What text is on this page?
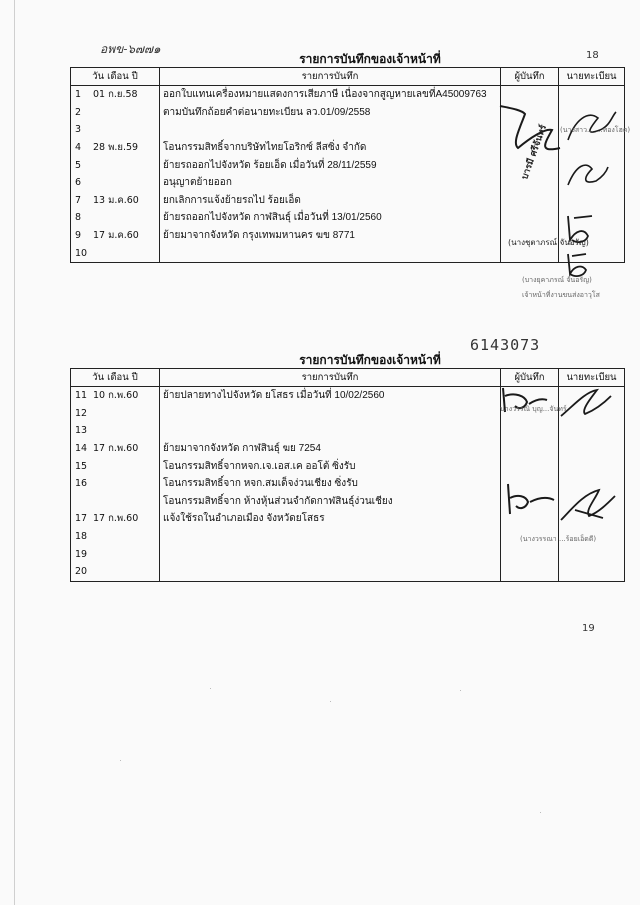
อพข-๖๗๗๑	18
รายการบันทึกของเจ้าหน้าที่
วัน เดือน ปี	รายการบันทึก	ผู้บันทึก	นายทะเบียน
1 01 ก.ย.58	ออกใบแทนเครื่องหมายแสดงการเสียภาษี เนื่องจากสูญหายเลขที่A45009763		
2	ตามบันทึกถ้อยคำต่อนายทะเบียน ลว.01/09/2558		
3			
4 28 พ.ย.59	โอนกรรมสิทธิ์จากบริษัทไทยโอริกซ์ ลีสซิ่ง จำกัด		
5	ย้ายรถออกไปจังหวัด ร้อยเอ็ด เมื่อวันที่ 28/11/2559		
6	อนุญาตย้ายออก		
7 13 ม.ค.60	ยกเลิกการแจ้งย้ายรถไป ร้อยเอ็ด		
8	ย้ายรถออกไปจังหวัด กาฬสินธุ์ เมื่อวันที่ 13/01/2560		
9 17 ม.ค.60	ย้ายมาจากจังหวัด กรุงเทพมหานคร ฆข 8771		
10			
บารมี ศรีจันทร์ (นางสาว... ...ทองโฮต)
(นางชุตาภรณ์ จันอรัญ)
(บางยุคาภรณ์ จันอรัญ)
เจ้าหน้าที่งานขนส่งอาวุโส
6143073
รายการบันทึกของเจ้าหน้าที่
วัน เดือน ปี	รายการบันทึก	ผู้บันทึก	นายทะเบียน
11 10 ก.พ.60	ย้ายปลายทางไปจังหวัด ยโสธร เมื่อวันที่ 10/02/2560		
12			
13			
14 17 ก.พ.60	ย้ายมาจากจังหวัด กาฬสินธุ์ ฆย 7254		
15	โอนกรรมสิทธิ์จากหจก.เจ.เอส.เค ออโต้ ซิ่งรับ		
16	โอนกรรมสิทธิ์จาก หจก.สมเด็จง่วนเชียง ซิ่งรับ		
	โอนกรรมสิทธิ์จาก ห้างหุ้นส่วนจำกัดกาฬสินธุ์ง่วนเชียง		
17 17 ก.พ.60	แจ้งใช้รถในอำเภอเมือง จังหวัดยโสธร		
18			
19			
20			
นางวรรณิ บุญ...จันทร์
(นางวรรณา ...ร้อยเอ็ดดี)
19
